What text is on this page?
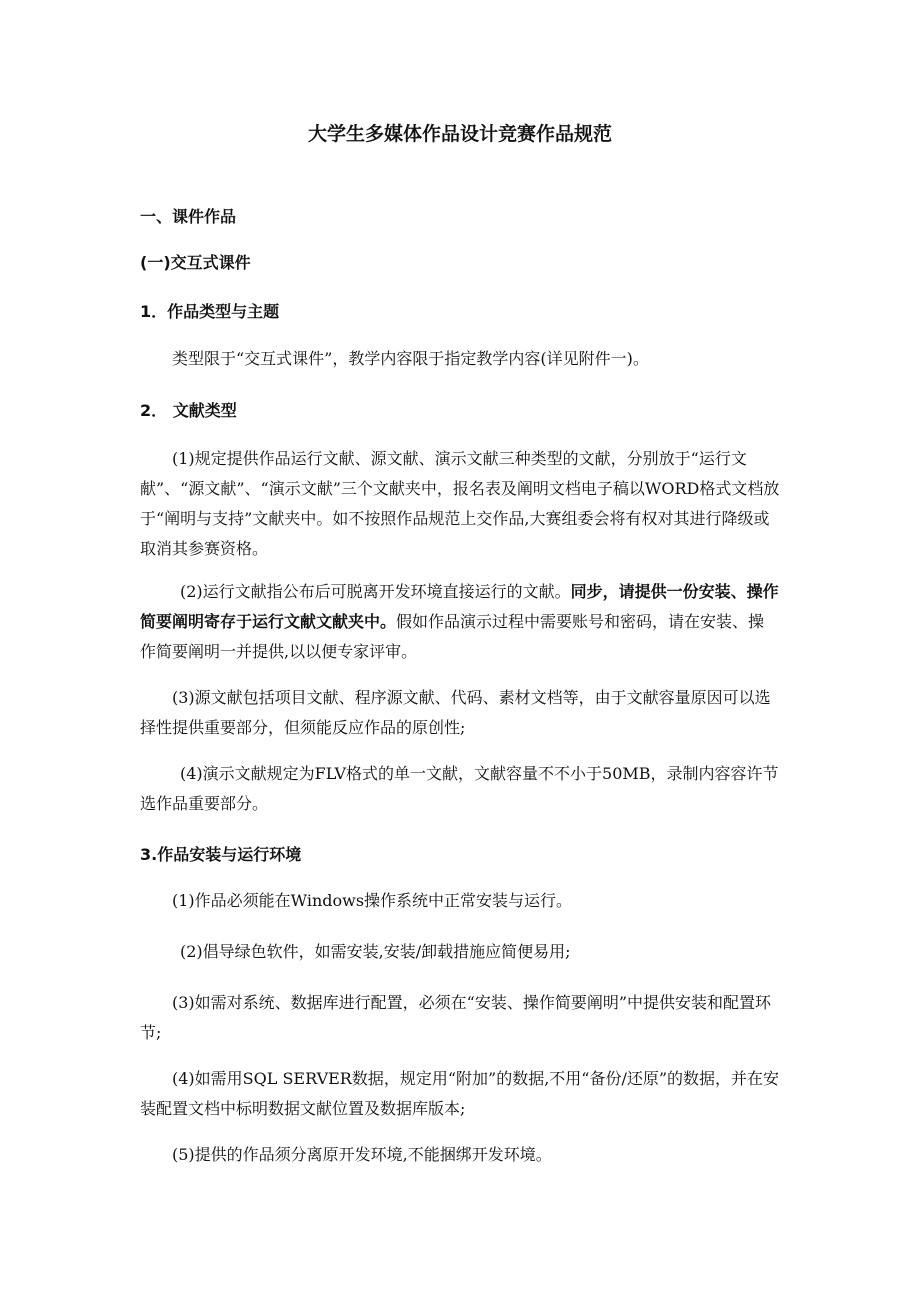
大学生多媒体作品设计竞赛作品规范
一、课件作品
(一)交互式课件
1．作品类型与主题

类型限于“交互式课件”，教学内容限于指定教学内容(详见附件一)。

2． 文献类型

(1)规定提供作品运行文献、源文献、演示文献三种类型的文献，分别放于“运行文献”、“源文献”、“演示文献”三个文献夹中，报名表及阐明文档电子稿以WORD格式文档放于“阐明与支持”文献夹中。如不按照作品规范上交作品,大赛组委会将有权对其进行降级或取消其参赛资格。

(2)运行文献指公布后可脱离开发环境直接运行的文献。同步，请提供一份安装、操作简要阐明寄存于运行文献文献夹中。假如作品演示过程中需要账号和密码，请在安装、操作简要阐明一并提供,以以便专家评审。

(3)源文献包括项目文献、程序源文献、代码、素材文档等，由于文献容量原因可以选择性提供重要部分，但须能反应作品的原创性;

(4)演示文献规定为FLV格式的单一文献，文献容量不不小于50MB，录制内容容许节选作品重要部分。

3.作品安装与运行环境

(1)作品必须能在Windows操作系统中正常安装与运行。

(2)倡导绿色软件，如需安装,安装/卸载措施应简便易用;

(3)如需对系统、数据库进行配置，必须在“安装、操作简要阐明”中提供安装和配置环节;

(4)如需用SQL SERVER数据，规定用“附加”的数据,不用“备份/还原”的数据，并在安装配置文档中标明数据文献位置及数据库版本;

(5)提供的作品须分离原开发环境,不能捆绑开发环境。
